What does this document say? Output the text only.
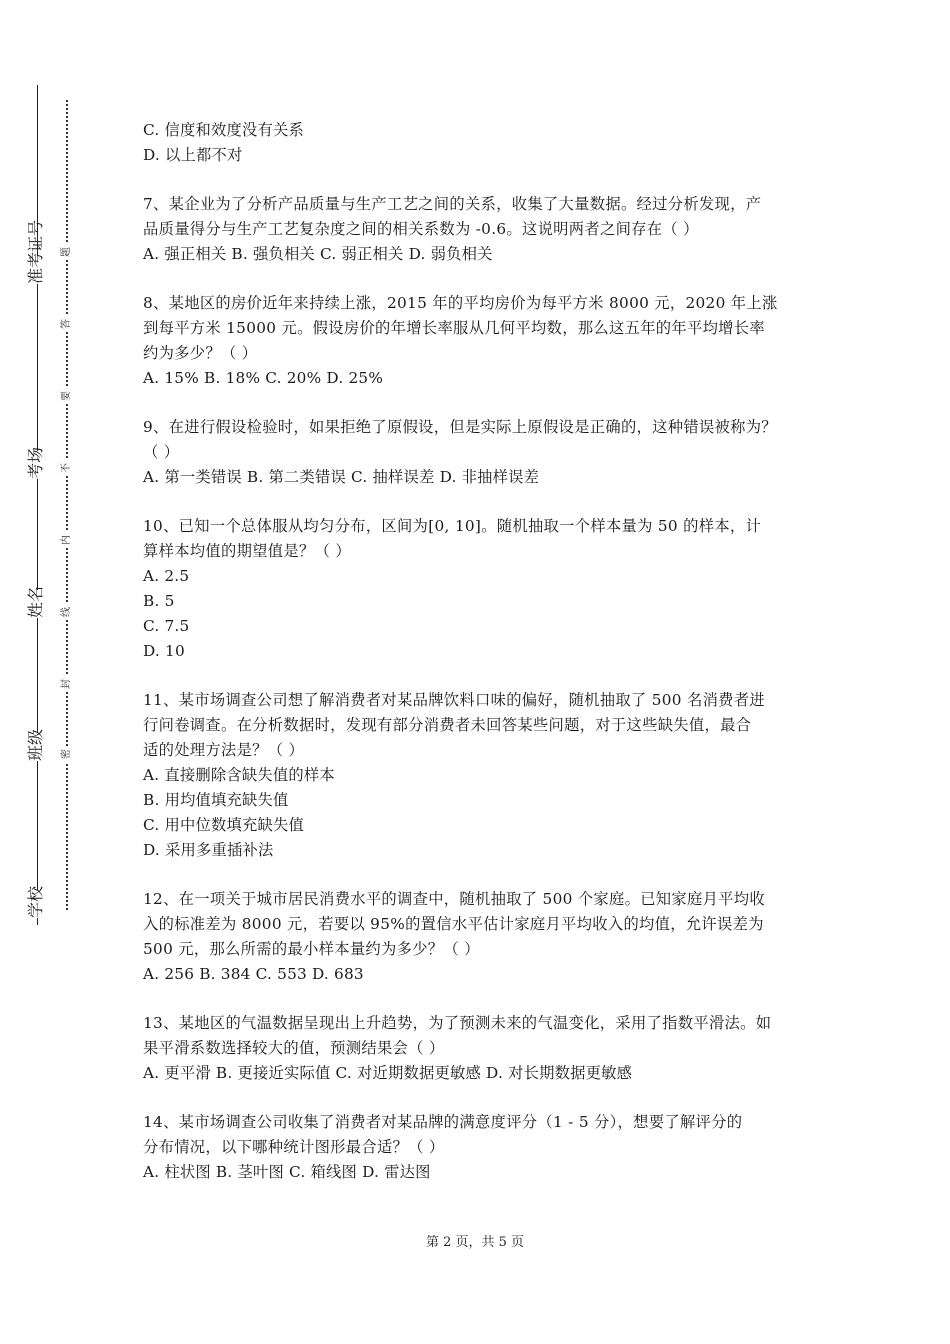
准考证号
考场
姓名
班级
学校
题
答
要
不
内
线
封
密
C. 信度和效度没有关系
D. 以上都不对
7、某企业为了分析产品质量与生产工艺之间的关系，收集了大量数据。经过分析发现，产
品质量得分与生产工艺复杂度之间的相关系数为 -0.6。这说明两者之间存在（ ）
A. 强正相关 B. 强负相关 C. 弱正相关 D. 弱负相关
8、某地区的房价近年来持续上涨，2015 年的平均房价为每平方米 8000 元，2020 年上涨
到每平方米 15000 元。假设房价的年增长率服从几何平均数，那么这五年的年平均增长率
约为多少？（ ）
A. 15% B. 18% C. 20% D. 25%
9、在进行假设检验时，如果拒绝了原假设，但是实际上原假设是正确的，这种错误被称为？
（ ）
A. 第一类错误 B. 第二类错误 C. 抽样误差 D. 非抽样误差
10、已知一个总体服从均匀分布，区间为[0, 10]。随机抽取一个样本量为 50 的样本，计
算样本均值的期望值是？（ ）
A. 2.5
B. 5
C. 7.5
D. 10
11、某市场调查公司想了解消费者对某品牌饮料口味的偏好，随机抽取了 500 名消费者进
行问卷调查。在分析数据时，发现有部分消费者未回答某些问题，对于这些缺失值，最合
适的处理方法是？（ ）
A. 直接删除含缺失值的样本
B. 用均值填充缺失值
C. 用中位数填充缺失值
D. 采用多重插补法
12、在一项关于城市居民消费水平的调查中，随机抽取了 500 个家庭。已知家庭月平均收
入的标准差为 8000 元，若要以 95%的置信水平估计家庭月平均收入的均值，允许误差为
500 元，那么所需的最小样本量约为多少？（ ）
A. 256 B. 384 C. 553 D. 683
13、某地区的气温数据呈现出上升趋势，为了预测未来的气温变化，采用了指数平滑法。如
果平滑系数选择较大的值，预测结果会（ ）
A. 更平滑 B. 更接近实际值 C. 对近期数据更敏感 D. 对长期数据更敏感
14、某市场调查公司收集了消费者对某品牌的满意度评分（1 - 5 分），想要了解评分的
分布情况，以下哪种统计图形最合适？（ ）
A. 柱状图 B. 茎叶图 C. 箱线图 D. 雷达图
第 2 页，共 5 页
